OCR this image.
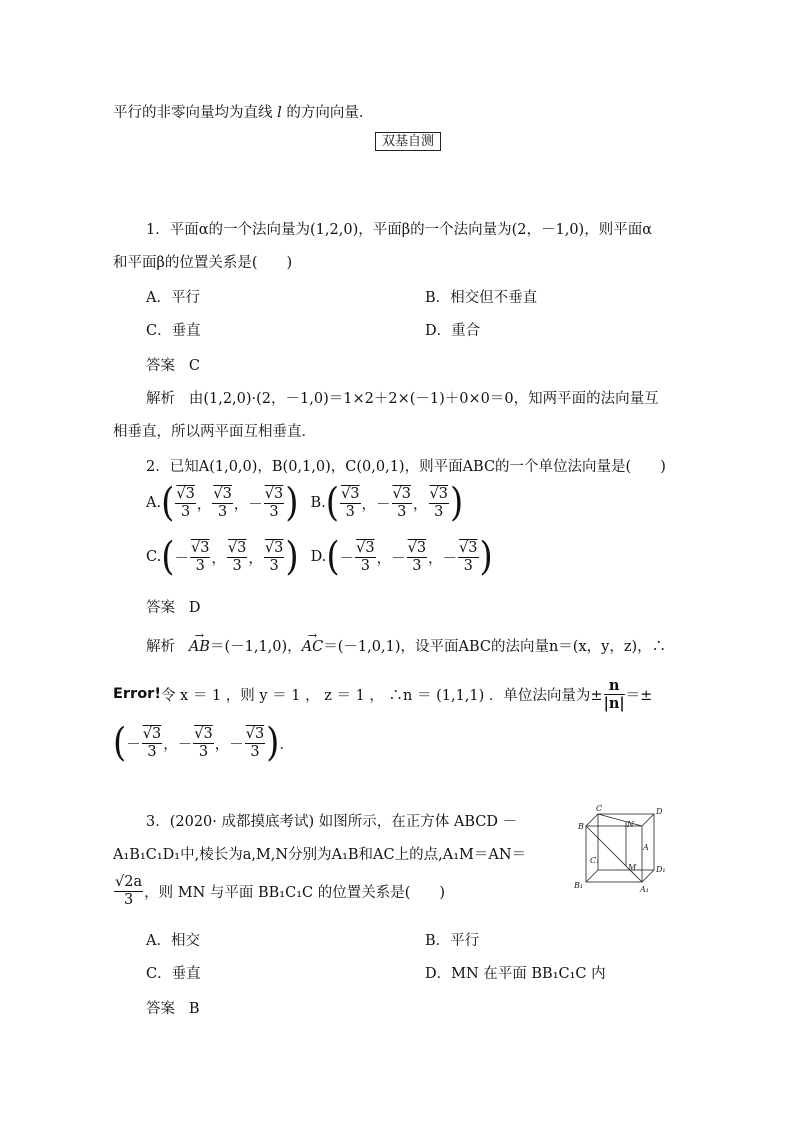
平行的非零向量均为直线 l 的方向向量．
双基自测
1．平面α的一个法向量为(1,2,0)，平面β的一个法向量为(2，－1,0)，则平面α
和平面β的位置关系是(　　)
A．平行	B．相交但不垂直
C．垂直	D．重合
答案 C
解析 由(1,2,0)·(2，－1,0)＝1×2＋2×(－1)＋0×0＝0，知两平面的法向量互
相垂直，所以两平面互相垂直．
2．已知A(1,0,0)，B(0,1,0)，C(0,0,1)，则平面ABC的一个单位法向量是(　　)
A. ( $\frac{√3}{3}$ ， $\frac{√3}{3}$ ， － $\frac{√3}{3}$ ) B. ( $\frac{√3}{3}$ ， － $\frac{√3}{3}$ ， $\frac{√3}{3}$ )
C. ( － $\frac{√3}{3}$ ， $\frac{√3}{3}$ ， $\frac{√3}{3}$ ) D. ( － $\frac{√3}{3}$ ， － $\frac{√3}{3}$ ， － $\frac{√3}{3}$ )
答案 D
解析 → AB＝(－1,1,0)，→ AC＝(－1,0,1)，设平面ABC的法向量n＝(x，y，z)，∴
Error! 令 x ＝ 1 ，则 y ＝ 1 ， z ＝ 1 ， ∴n ＝ (1,1,1) ．单位法向量为± $\frac{n}{|n|}$ ＝±
( － $\frac{√3}{3}$ ， － $\frac{√3}{3}$ ， － $\frac{√3}{3}$ ) ．
3．(2020· 成都摸底考试) 如图所示，在正方体 ABCD －
A₁B₁C₁D₁中,棱长为a,M,N分别为A₁B和AC上的点,A₁M＝AN＝
$\frac{√2a}{3}$ ，则 MN 与平面 BB₁C₁C 的位置关系是(　　)
C	D
B	N
A
C₁
M D₁
B₁	A₁
A．相交	B．平行
C．垂直	D．MN 在平面 BB₁C₁C 内
答案 B
